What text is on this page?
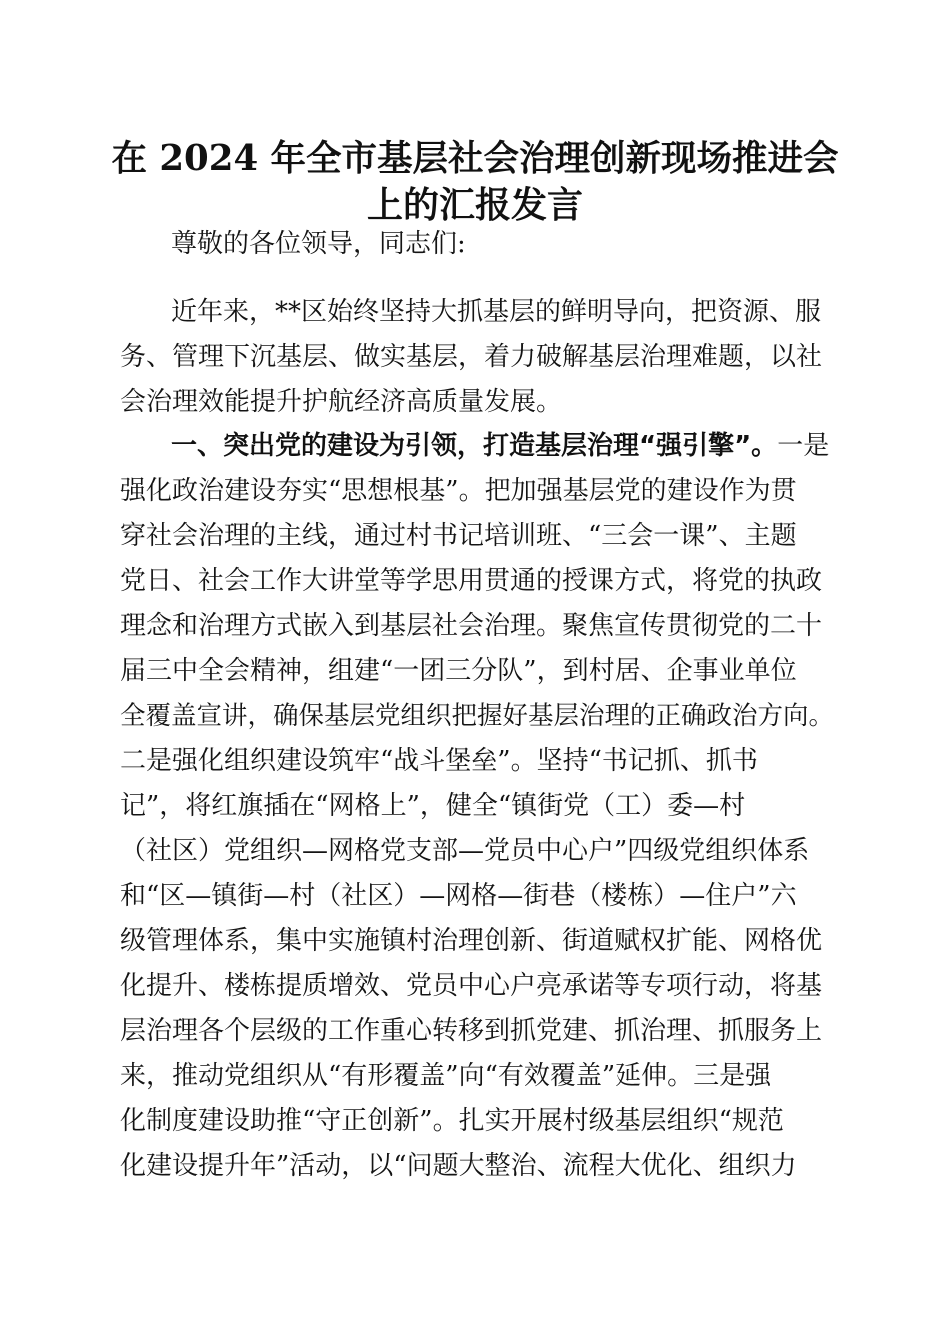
在 2024 年全市基层社会治理创新现场推进会
上的汇报发言
尊敬的各位领导，同志们:
近年来，**区始终坚持大抓基层的鲜明导向，把资源、服
务、管理下沉基层、做实基层，着力破解基层治理难题，以社
会治理效能提升护航经济高质量发展。
一、突出党的建设为引领，打造基层治理“强引擎”。一是
强化政治建设夯实“思想根基”。把加强基层党的建设作为贯
穿社会治理的主线，通过村书记培训班、“三会一课”、主题
党日、社会工作大讲堂等学思用贯通的授课方式，将党的执政
理念和治理方式嵌入到基层社会治理。聚焦宣传贯彻党的二十
届三中全会精神，组建“一团三分队”，到村居、企事业单位
全覆盖宣讲，确保基层党组织把握好基层治理的正确政治方向。
二是强化组织建设筑牢“战斗堡垒”。坚持“书记抓、抓书
记”，将红旗插在“网格上”，健全“镇街党（工）委—村
（社区）党组织—网格党支部—党员中心户”四级党组织体系
和“区—镇街—村（社区）—网格—街巷（楼栋）—住户”六
级管理体系，集中实施镇村治理创新、街道赋权扩能、网格优
化提升、楼栋提质增效、党员中心户亮承诺等专项行动，将基
层治理各个层级的工作重心转移到抓党建、抓治理、抓服务上
来，推动党组织从“有形覆盖”向“有效覆盖”延伸。三是强
化制度建设助推“守正创新”。扎实开展村级基层组织“规范
化建设提升年”活动，以“问题大整治、流程大优化、组织力
